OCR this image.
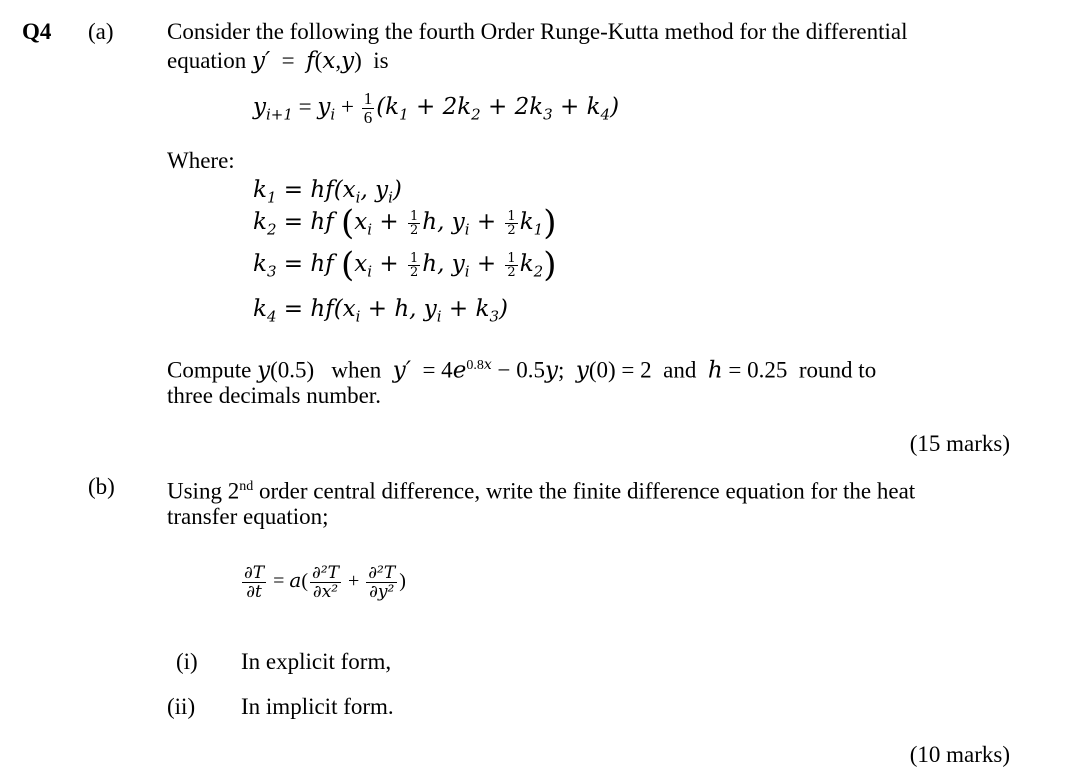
Q4 (a) Consider the following the fourth Order Runge-Kutta method for the differential
equation y′  =  f(x,y)  is
$y_{i+1} = y_i + \frac{1}{6} (k_1 + 2k_2 + 2k_3 + k_4)$
Where:
$k_1 = hf(x_i$, $y_i$)
$k_2$ = hf ($x_i + \frac{1}{2} h$, $y_i + \frac{1}{2} k_1$)
$k_3$ = hf ($x_i + \frac{1}{2} h$, $y_i + \frac{1}{2} k_2$)
$k_4 = hf(x_i + h$, $y_i + k_3$)
Compute y(0.5)   when  $y' = 4e^{0.8x} - 0.5y$;  y(0) = 2  and  h = 0.25  round to
three decimals number.
(15 marks)
(b) Using 2nd order central difference, write the finite difference equation for the heat
transfer equation;
$\frac{\partial T}{\partial t} = a( \frac{\text{∂²T}}{\text{∂x²}} + \frac{\text{∂²T}}{\text{∂y²}}$ )
(i) In explicit form,
(ii) In implicit form.
(10 marks)
